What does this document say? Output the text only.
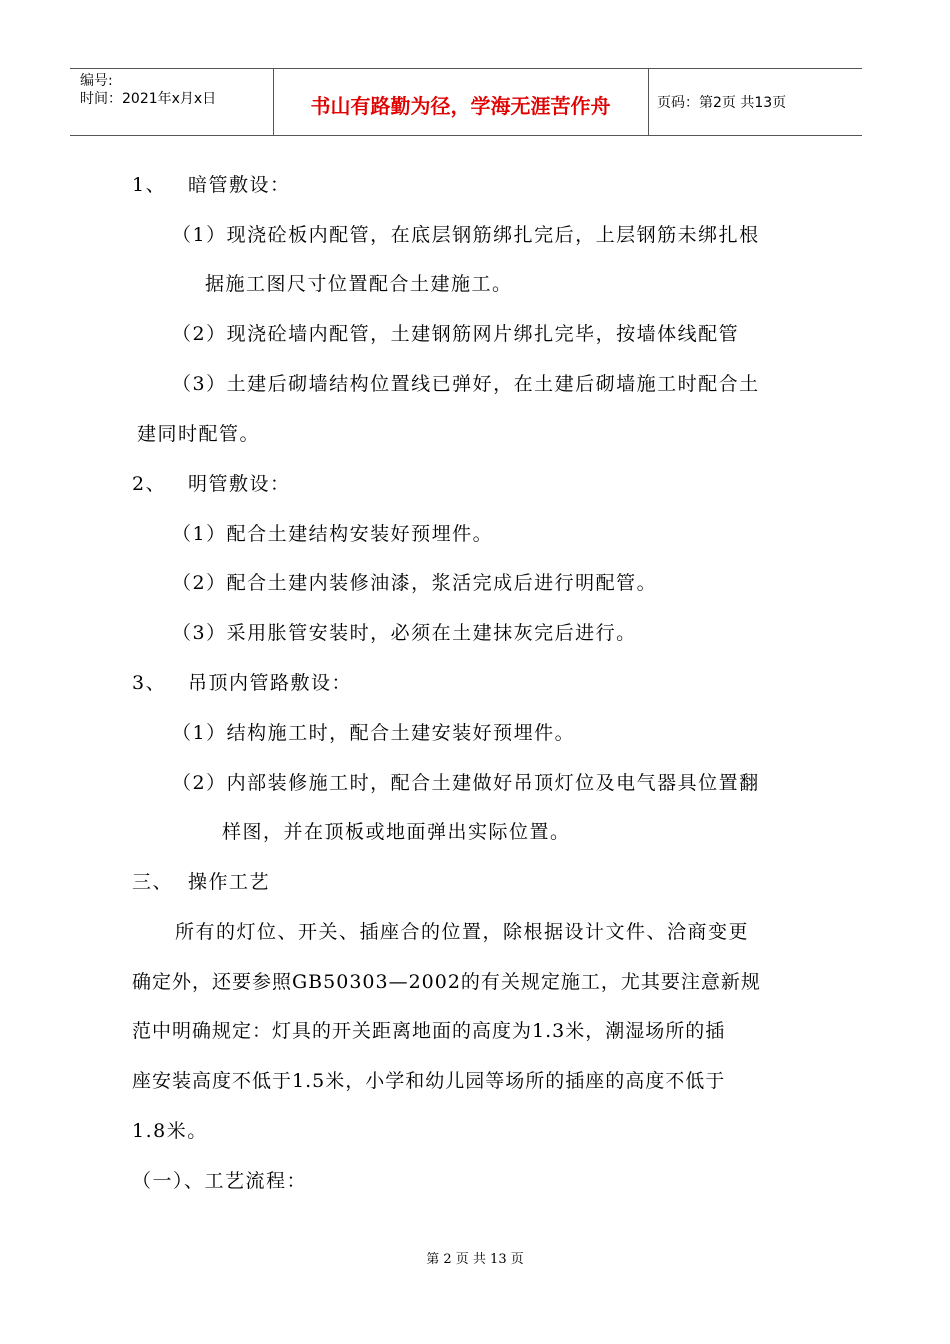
编号:
时间：2021年x月x日	书山有路勤为径，学海无涯苦作舟	页码：第2页 共13页
1、 暗管敷设：
（1）现浇砼板内配管，在底层钢筋绑扎完后，上层钢筋未绑扎根
据施工图尺寸位置配合土建施工。
（2）现浇砼墙内配管，土建钢筋网片绑扎完毕，按墙体线配管
（3）土建后砌墙结构位置线已弹好，在土建后砌墙施工时配合土
建同时配管。
2、 明管敷设：
（1）配合土建结构安装好预埋件。
（2）配合土建内装修油漆，浆活完成后进行明配管。
（3）采用胀管安装时，必须在土建抹灰完后进行。
3、 吊顶内管路敷设：
（1）结构施工时，配合土建安装好预埋件。
（2）内部装修施工时，配合土建做好吊顶灯位及电气器具位置翻
样图，并在顶板或地面弹出实际位置。
三、 操作工艺
所有的灯位、开关、插座合的位置，除根据设计文件、洽商变更
确定外，还要参照GB50303—2002的有关规定施工，尤其要注意新规
范中明确规定：灯具的开关距离地面的高度为1.3米，潮湿场所的插
座安装高度不低于1.5米，小学和幼儿园等场所的插座的高度不低于
1.8米。
（一）、工艺流程：
第 2 页 共 13 页
